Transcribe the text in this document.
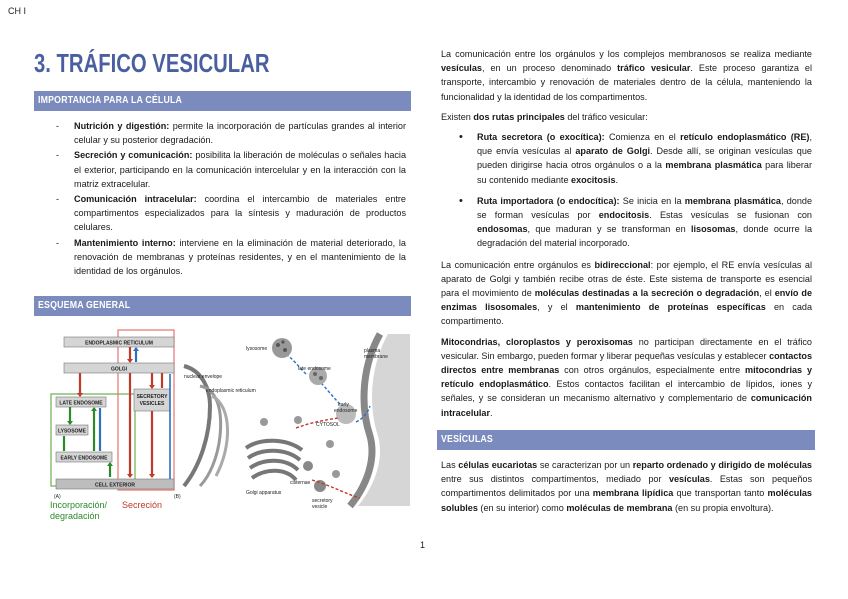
CH I
3. TRÁFICO VESICULAR
IMPORTANCIA PARA LA CÉLULA
- Nutrición y digestión: permite la incorporación de partículas grandes al interior celular y su posterior degradación.
- Secreción y comunicación: posibilita la liberación de moléculas o señales hacia el exterior, participando en la comunicación intercelular y en la interacción con la matriz extracelular.
- Comunicación intracelular: coordina el intercambio de materiales entre compartimentos especializados para la síntesis y maduración de productos celulares.
- Mantenimiento interno: interviene en la eliminación de material deteriorado, la renovación de membranas y proteínas residentes, y en el mantenimiento de la identidad de los orgánulos.
ESQUEMA GENERAL
ENDOPLASMIC RETICULUM
GOLGI
LATE ENDOSOME
LYSOSOME
EARLY ENDOSOME
SECRETORY
VESICLES
CELL EXTERIOR
(A)	(B)
Incorporación/
degradación
Secreción
lysosome	plasma
membrane
late endosome
nuclear envelope
endoplasmic reticulum
early
endosome
CYTOSOL
cisternae
secretory
vesicle
Golgi apparatus

La comunicación entre los orgánulos y los complejos membranosos se realiza mediante vesículas, en un proceso denominado tráfico vesicular. Este proceso garantiza el transporte, intercambio y renovación de materiales dentro de la célula, manteniendo la funcionalidad y la identidad de los compartimentos.

Existen dos rutas principales del tráfico vesicular:

• Ruta secretora (o exocítica): Comienza en el retículo endoplasmático (RE), que envía vesículas al aparato de Golgi. Desde allí, se originan vesículas que pueden dirigirse hacia otros orgánulos o a la membrana plasmática para liberar su contenido mediante exocitosis.
• Ruta importadora (o endocítica): Se inicia en la membrana plasmática, donde se forman vesículas por endocitosis. Estas vesículas se fusionan con endosomas, que maduran y se transforman en lisosomas, donde ocurre la degradación del material incorporado.

La comunicación entre orgánulos es bidireccional: por ejemplo, el RE envía vesículas al aparato de Golgi y también recibe otras de éste. Este sistema de transporte es esencial para el movimiento de moléculas destinadas a la secreción o degradación, el envío de enzimas lisosomales, y el mantenimiento de proteínas específicas en cada compartimento.

Mitocondrias, cloroplastos y peroxisomas no participan directamente en el tráfico vesicular. Sin embargo, pueden formar y liberar pequeñas vesículas y establecer contactos directos entre membranas con otros orgánulos, especialmente entre mitocondrias y retículo endoplasmático. Estos contactos facilitan el intercambio de lípidos, iones y señales, y se consideran un mecanismo alternativo y complementario de comunicación intracelular.

VESÍCULAS

Las células eucariotas se caracterizan por un reparto ordenado y dirigido de moléculas entre sus distintos compartimentos, mediado por vesículas. Estas son pequeños compartimentos delimitados por una membrana lipídica que transportan tanto moléculas solubles (en su interior) como moléculas de membrana (en su propia envoltura).

1
